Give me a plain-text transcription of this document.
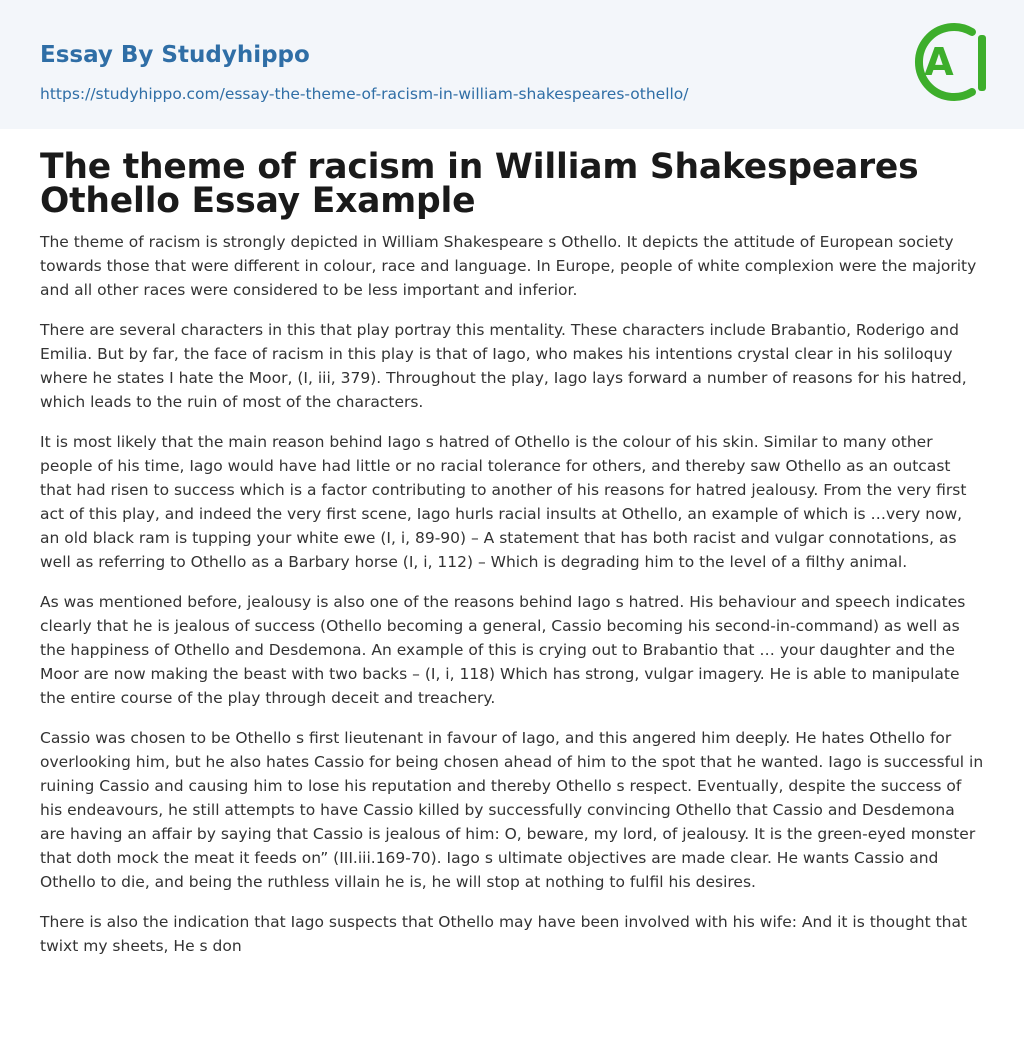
Essay By Studyhippo
https://studyhippo.com/essay-the-theme-of-racism-in-william-shakespeares-othello/
A
The theme of racism in William Shakespeares Othello Essay Example

The theme of racism is strongly depicted in William Shakespeare s Othello. It depicts the attitude of European society towards those that were different in colour, race and language. In Europe, people of white complexion were the majority and all other races were considered to be less important and inferior.

There are several characters in this that play portray this mentality. These characters include Brabantio, Roderigo and Emilia. But by far, the face of racism in this play is that of Iago, who makes his intentions crystal clear in his soliloquy where he states I hate the Moor, (I, iii, 379). Throughout the play, Iago lays forward a number of reasons for his hatred, which leads to the ruin of most of the characters.

It is most likely that the main reason behind Iago s hatred of Othello is the colour of his skin. Similar to many other people of his time, Iago would have had little or no racial tolerance for others, and thereby saw Othello as an outcast that had risen to success which is a factor contributing to another of his reasons for hatred jealousy. From the very first act of this play, and indeed the very first scene, Iago hurls racial insults at Othello, an example of which is …very now, an old black ram is tupping your white ewe (I, i, 89-90) – A statement that has both racist and vulgar connotations, as well as referring to Othello as a Barbary horse (I, i, 112) – Which is degrading him to the level of a filthy animal.

As was mentioned before, jealousy is also one of the reasons behind Iago s hatred. His behaviour and speech indicates clearly that he is jealous of success (Othello becoming a general, Cassio becoming his second-in-command) as well as the happiness of Othello and Desdemona. An example of this is crying out to Brabantio that … your daughter and the Moor are now making the beast with two backs – (I, i, 118) Which has strong, vulgar imagery. He is able to manipulate the entire course of the play through deceit and treachery.

Cassio was chosen to be Othello s first lieutenant in favour of Iago, and this angered him deeply. He hates Othello for overlooking him, but he also hates Cassio for being chosen ahead of him to the spot that he wanted. Iago is successful in ruining Cassio and causing him to lose his reputation and thereby Othello s respect. Eventually, despite the success of his endeavours, he still attempts to have Cassio killed by successfully convincing Othello that Cassio and Desdemona are having an affair by saying that Cassio is jealous of him: O, beware, my lord, of jealousy. It is the green-eyed monster that doth mock the meat it feeds on” (III.iii.169-70). Iago s ultimate objectives are made clear. He wants Cassio and Othello to die, and being the ruthless villain he is, he will stop at nothing to fulfil his desires.

There is also the indication that Iago suspects that Othello may have been involved with his wife: And it is thought that twixt my sheets, He s don
